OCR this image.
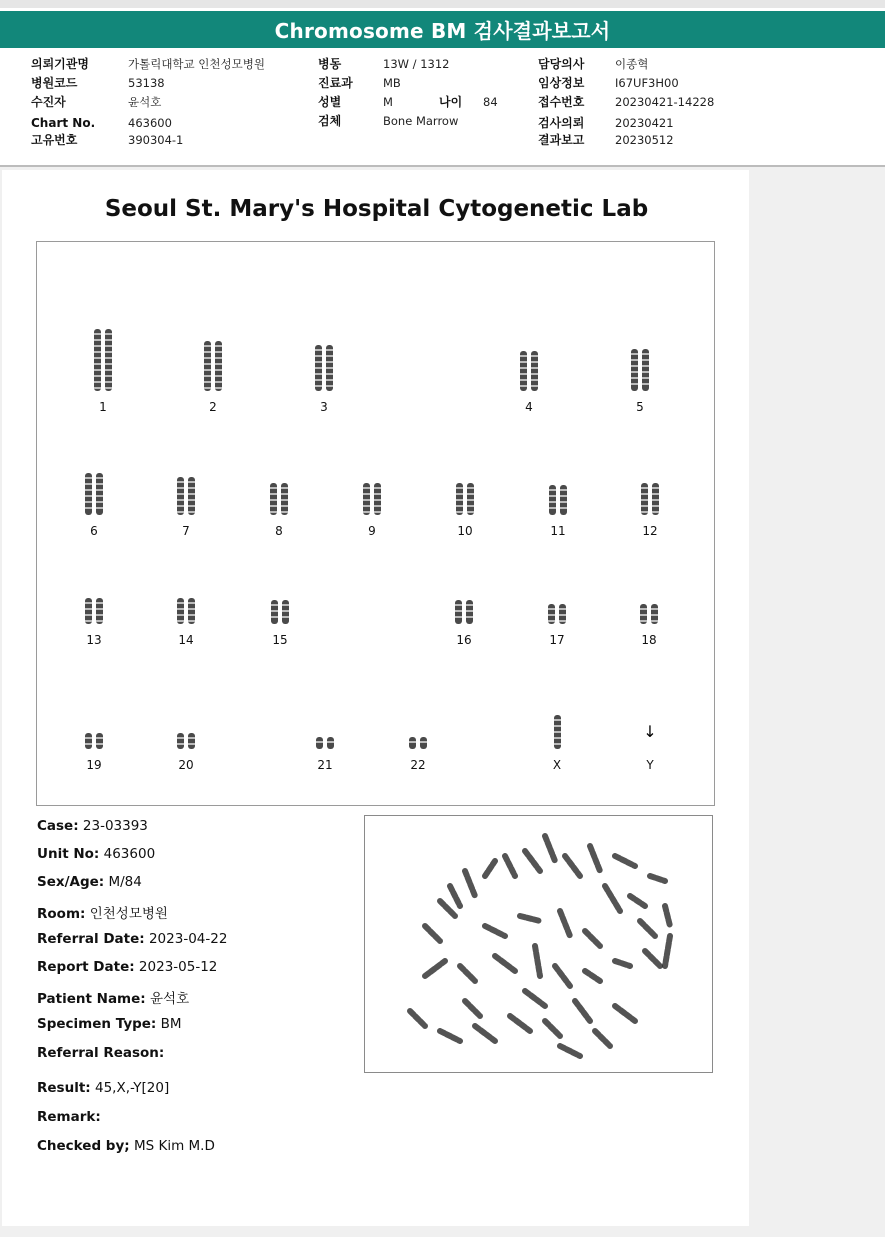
Chromosome BM 검사결과보고서
의뢰기관명	가톨릭대학교 인천성모병원
병원코드	53138
수진자	윤석호
Chart No.	463600
고유번호	390304-1
병동	13W / 1312
진료과	MB
성별	M	나이 84
검체	Bone Marrow
담당의사	이종혁
임상정보	I67UF3H00
접수번호	20230421-14228
검사의뢰	20230421
결과보고	20230512
Seoul St. Mary's Hospital Cytogenetic Lab
1	2	3	4	5
6	7	8	9	10	11	12
13	14	15	16	17	18
19	20	21	22	X	Y
↓
Case: 23-03393
Unit No: 463600
Sex/Age: M/84
Room: 인천성모병원
Referral Date: 2023-04-22
Report Date: 2023-05-12
Patient Name: 윤석호
Specimen Type: BM
Referral Reason:
Result: 45,X,-Y[20]
Remark:
Checked by; MS Kim M.D
